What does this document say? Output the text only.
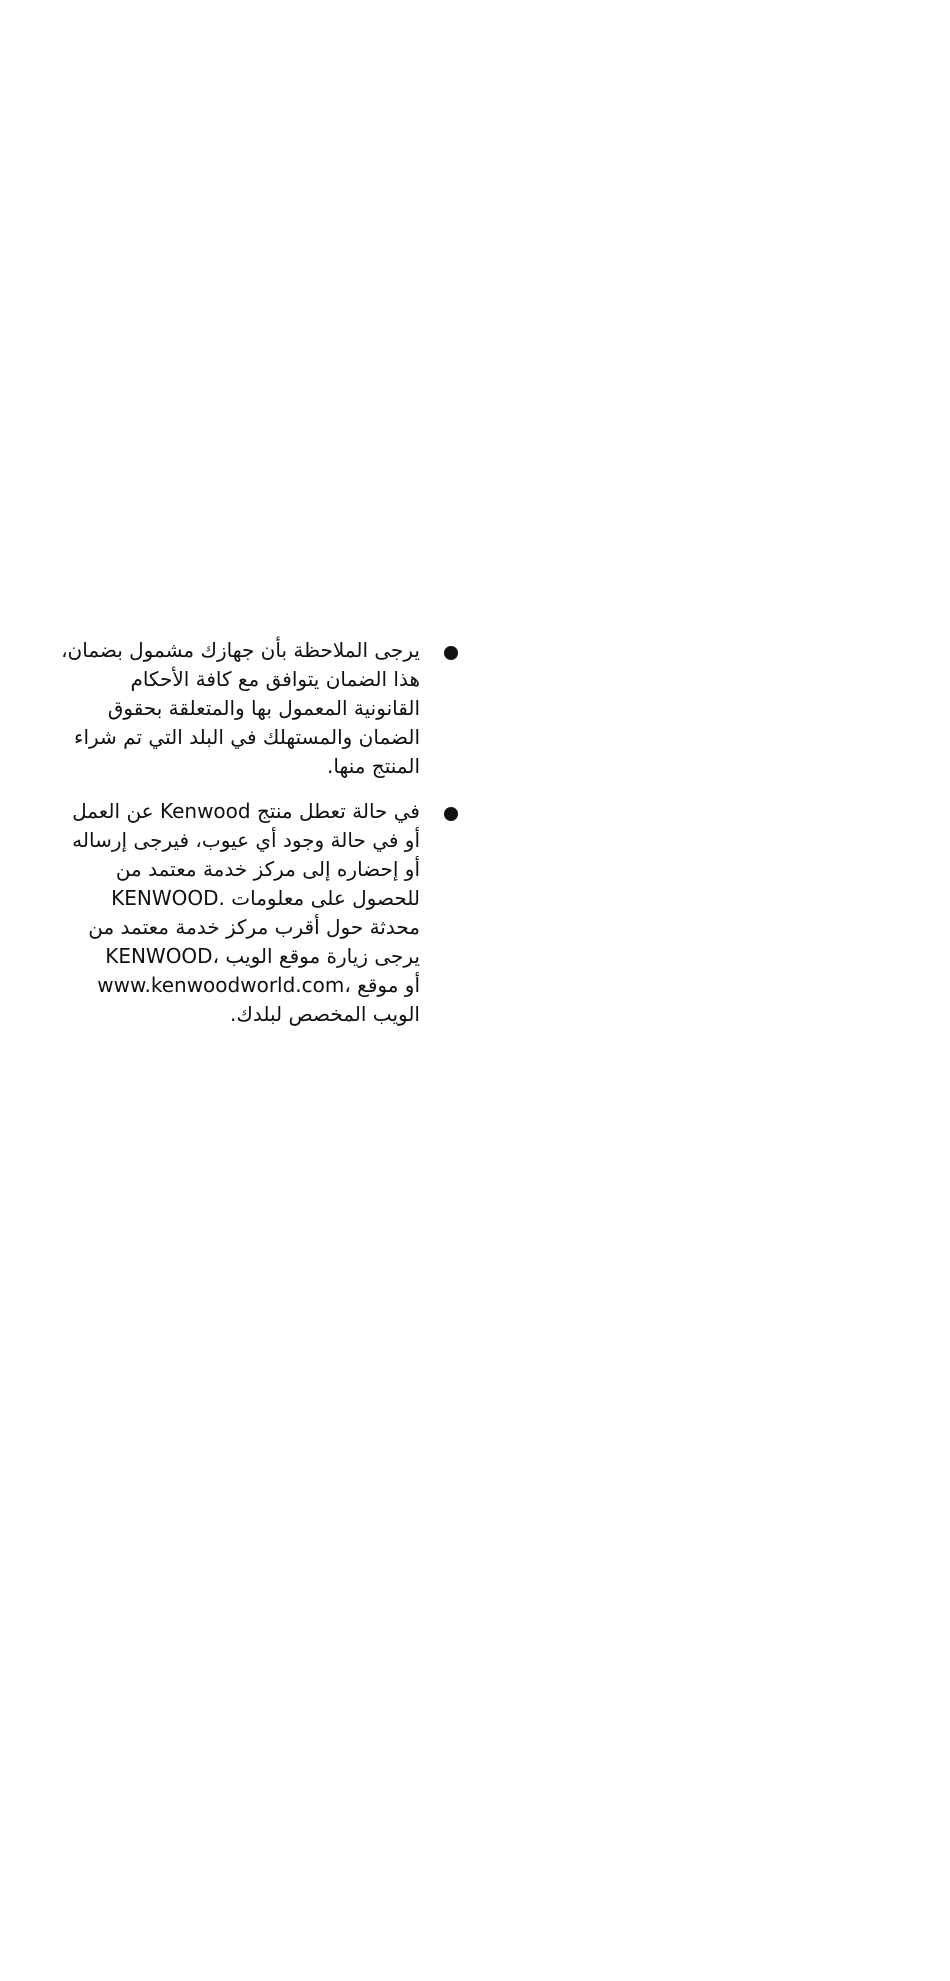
يرجى الملاحظة بأن جهازك مشمول بضمان،
هذا الضمان يتوافق مع كافة الأحكام
القانونية المعمول بها والمتعلقة بحقوق
الضمان والمستهلك في البلد التي تم شراء
المنتج منها.
في حالة تعطل منتج Kenwood عن العمل
أو في حالة وجود أي عيوب، فيرجى إرساله
أو إحضاره إلى مركز خدمة معتمد من
KENWOOD. للحصول على معلومات
محدثة حول أقرب مركز خدمة معتمد من
KENWOOD، يرجى زيارة موقع الويب
www.kenwoodworld.com، أو موقع
الويب المخصص لبلدك.
